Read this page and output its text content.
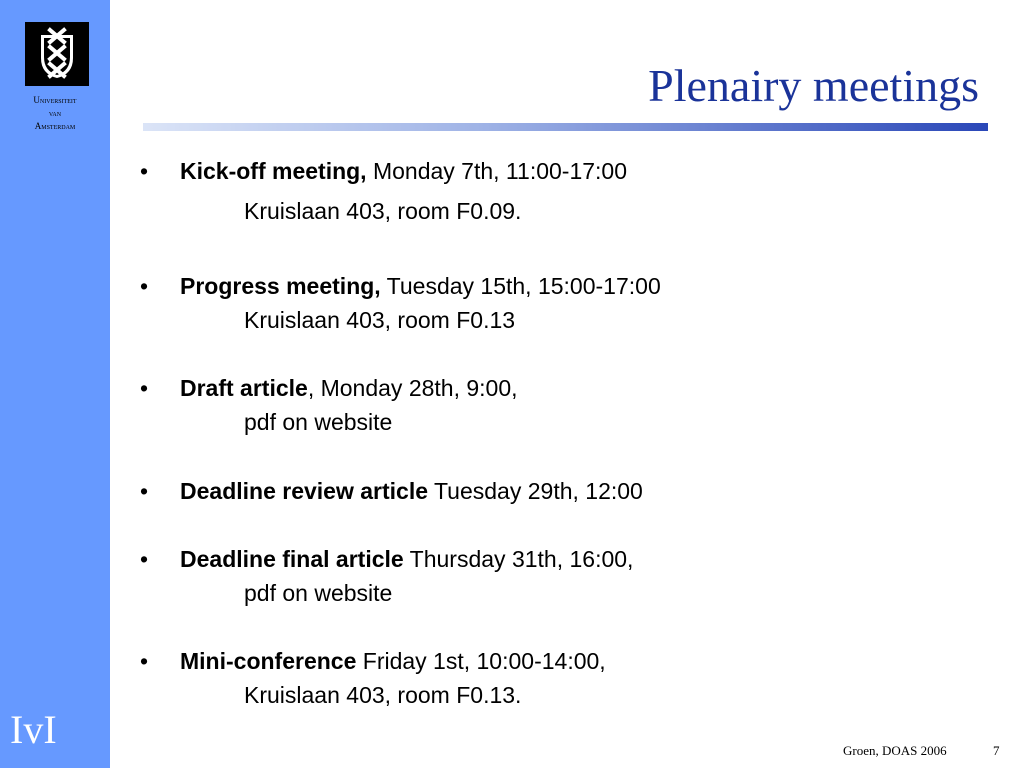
Universiteit
van
Amsterdam
IvI
Plenairy meetings
•	Kick-off meeting, Monday 7th, 11:00-17:00
Kruislaan 403, room F0.09.
•	Progress meeting, Tuesday 15th, 15:00-17:00
Kruislaan 403, room F0.13
•	Draft article, Monday 28th, 9:00,
pdf on website
•	Deadline review article Tuesday 29th, 12:00
•	Deadline final article Thursday 31th, 16:00,
pdf on website
•	Mini-conference Friday 1st, 10:00-14:00,
Kruislaan 403, room F0.13.
Groen, DOAS 2006	7
